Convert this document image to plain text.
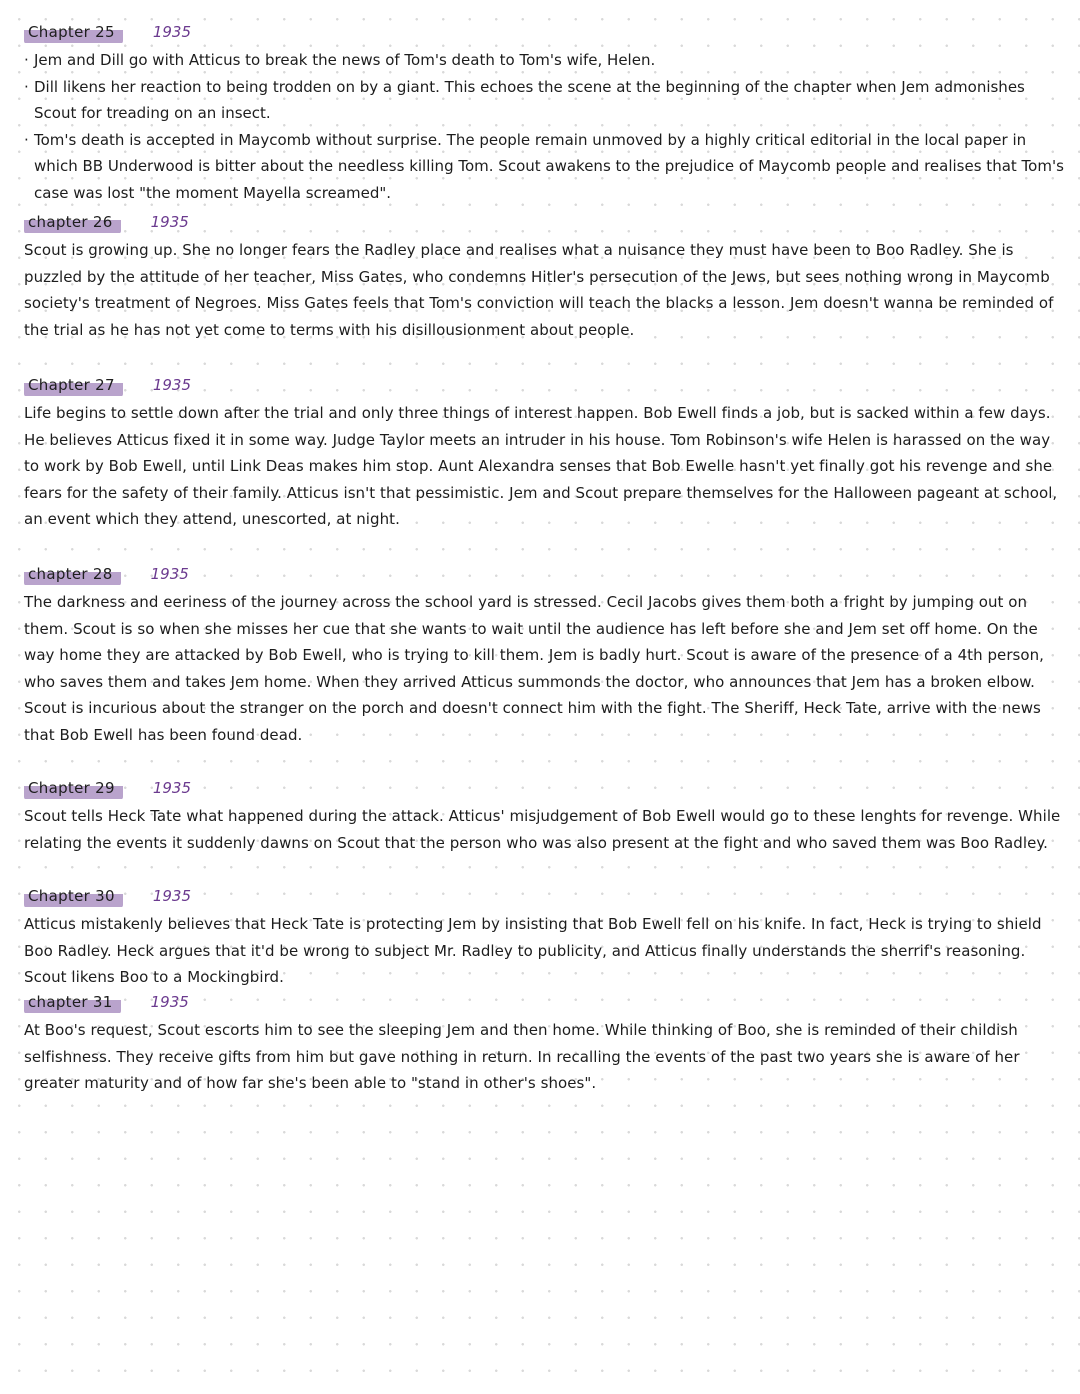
Chapter 25	1935
· Jem and Dill go with Atticus to break the news of Tom's death to Tom's wife, Helen.
· Dill likens her reaction to being trodden on by a giant. This echoes the scene at the beginning of the chapter when Jem admonishes Scout for treading on an insect.
· Tom's death is accepted in Maycomb without surprise. The people remain unmoved by a highly critical editorial in the local paper in which BB Underwood is bitter about the needless killing Tom. Scout awakens to the prejudice of Maycomb people and realises that Tom's case was lost "the moment Mayella screamed".
chapter 26	1935

Scout is growing up. She no longer fears the Radley place and realises what a nuisance they must have been to Boo Radley. She is puzzled by the attitude of her teacher, Miss Gates, who condemns Hitler's persecution of the Jews, but sees nothing wrong in Maycomb society's treatment of Negroes. Miss Gates feels that Tom's conviction will teach the blacks a lesson. Jem doesn't wanna be reminded of the trial as he has not yet come to terms with his disillousionment about people.

Chapter 27	1935

Life begins to settle down after the trial and only three things of interest happen. Bob Ewell finds a job, but is sacked within a few days. He believes Atticus fixed it in some way. Judge Taylor meets an intruder in his house. Tom Robinson's wife Helen is harassed on the way to work by Bob Ewell, until Link Deas makes him stop. Aunt Alexandra senses that Bob Ewelle hasn't yet finally got his revenge and she fears for the safety of their family. Atticus isn't that pessimistic. Jem and Scout prepare themselves for the Halloween pageant at school, an event which they attend, unescorted, at night.

chapter 28	1935

The darkness and eeriness of the journey across the school yard is stressed. Cecil Jacobs gives them both a fright by jumping out on them. Scout is so when she misses her cue that she wants to wait until the audience has left before she and Jem set off home. On the way home they are attacked by Bob Ewell, who is trying to kill them. Jem is badly hurt. Scout is aware of the presence of a 4th person, who saves them and takes Jem home. When they arrived Atticus summonds the doctor, who announces that Jem has a broken elbow. Scout is incurious about the stranger on the porch and doesn't connect him with the fight. The Sheriff, Heck Tate, arrive with the news that Bob Ewell has been found dead.

Chapter 29	1935

Scout tells Heck Tate what happened during the attack. Atticus' misjudgement of Bob Ewell would go to these lenghts for revenge. While relating the events it suddenly dawns on Scout that the person who was also present at the fight and who saved them was Boo Radley.

Chapter 30	1935

Atticus mistakenly believes that Heck Tate is protecting Jem by insisting that Bob Ewell fell on his knife. In fact, Heck is trying to shield Boo Radley. Heck argues that it'd be wrong to subject Mr. Radley to publicity, and Atticus finally understands the sherrif's reasoning. Scout likens Boo to a Mockingbird.

chapter 31	1935

At Boo's request, Scout escorts him to see the sleeping Jem and then home. While thinking of Boo, she is reminded of their childish selfishness. They receive gifts from him but gave nothing in return. In recalling the events of the past two years she is aware of her greater maturity and of how far she's been able to "stand in other's shoes".
